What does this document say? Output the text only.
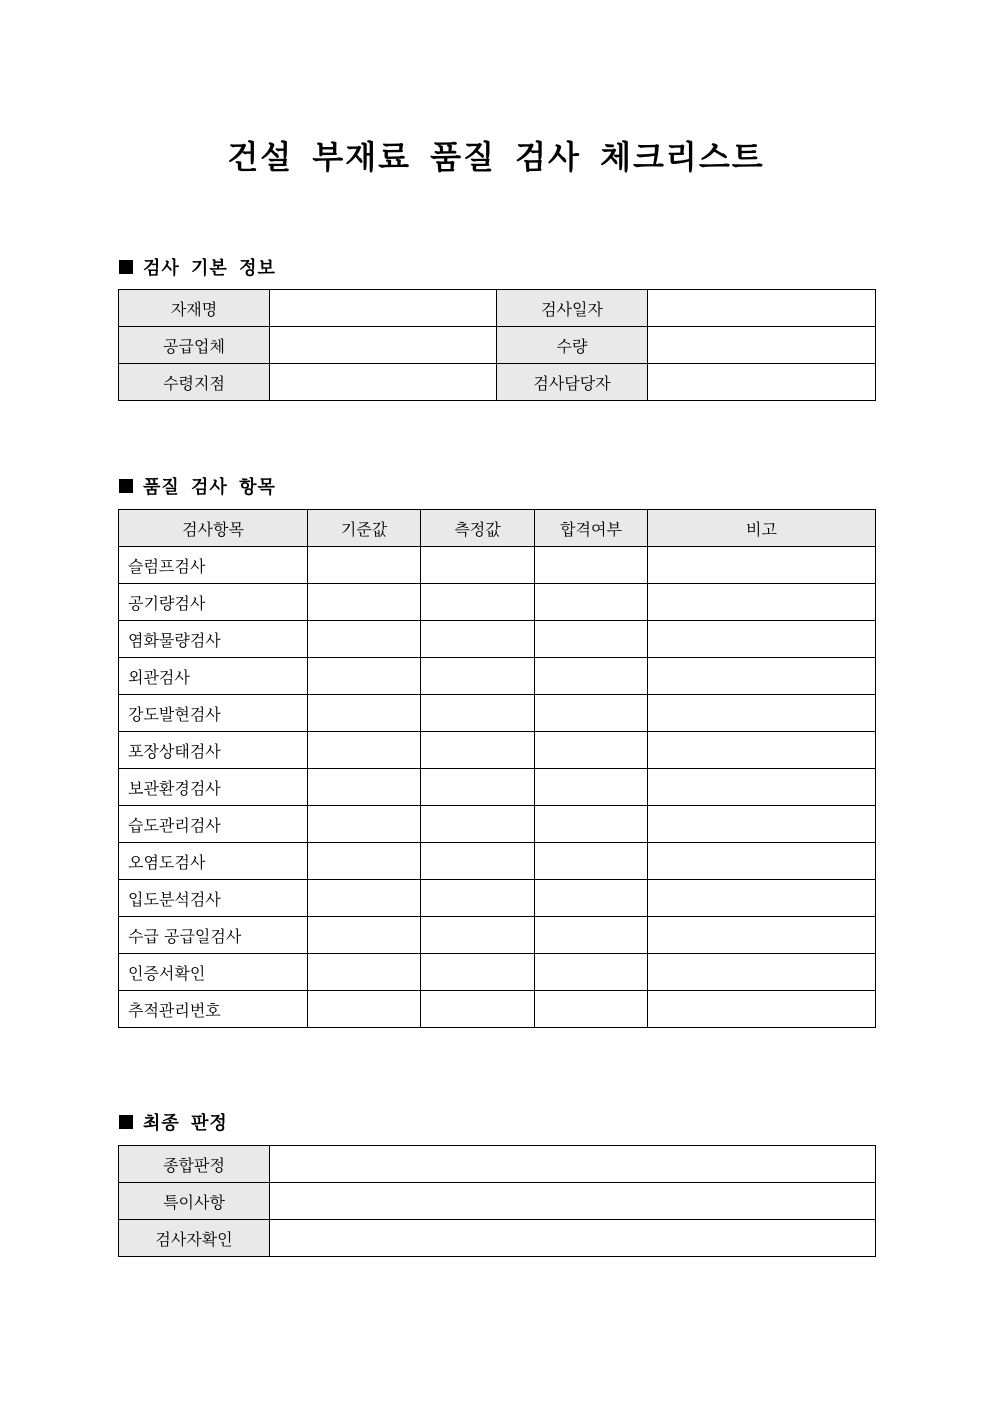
건설 부재료 품질 검사 체크리스트
검사 기본 정보
자재명		검사일자	
공급업체		수량	
수령지점		검사담당자	
품질 검사 항목
검사항목	기준값	측정값	합격여부	비고
슬럼프검사				
공기량검사				
염화물량검사				
외관검사				
강도발현검사				
포장상태검사				
보관환경검사				
습도관리검사				
오염도검사				
입도분석검사				
수급 공급일검사				
인증서확인				
추적관리번호				
최종 판정
종합판정	
특이사항	
검사자확인	
